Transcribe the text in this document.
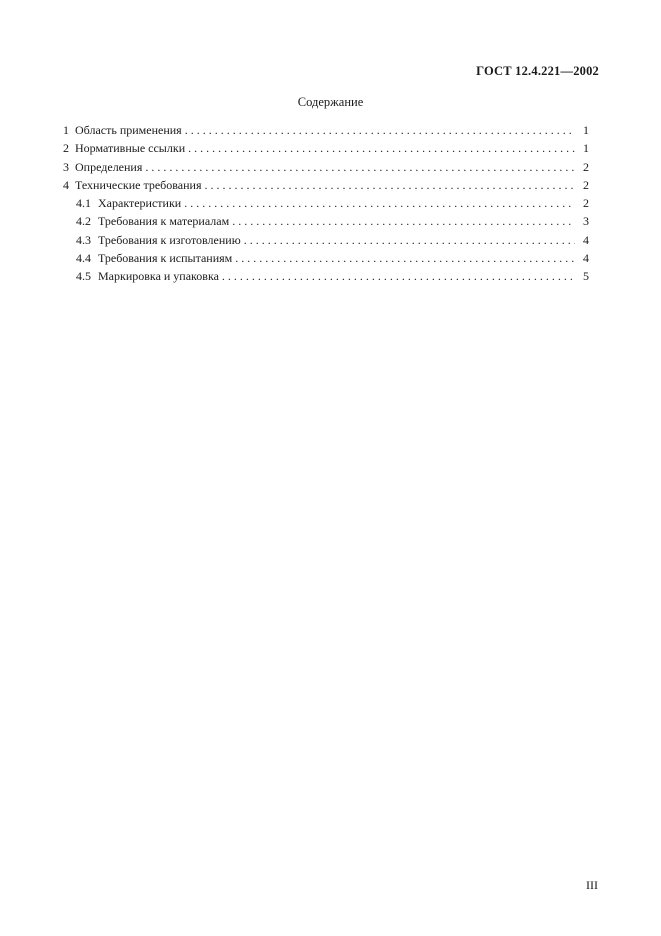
ГОСТ 12.4.221—2002
Содержание
1 Область применения . . .	1
2 Нормативные ссылки . . .	1
3 Определения . . .	2
4 Технические требования . . .	2
4.1 Характеристики . . .	2
4.2 Требования к материалам . . .	3
4.3 Требования к изготовлению . . .	4
4.4 Требования к испытаниям . . .	4
4.5 Маркировка и упаковка . . .	5
III
